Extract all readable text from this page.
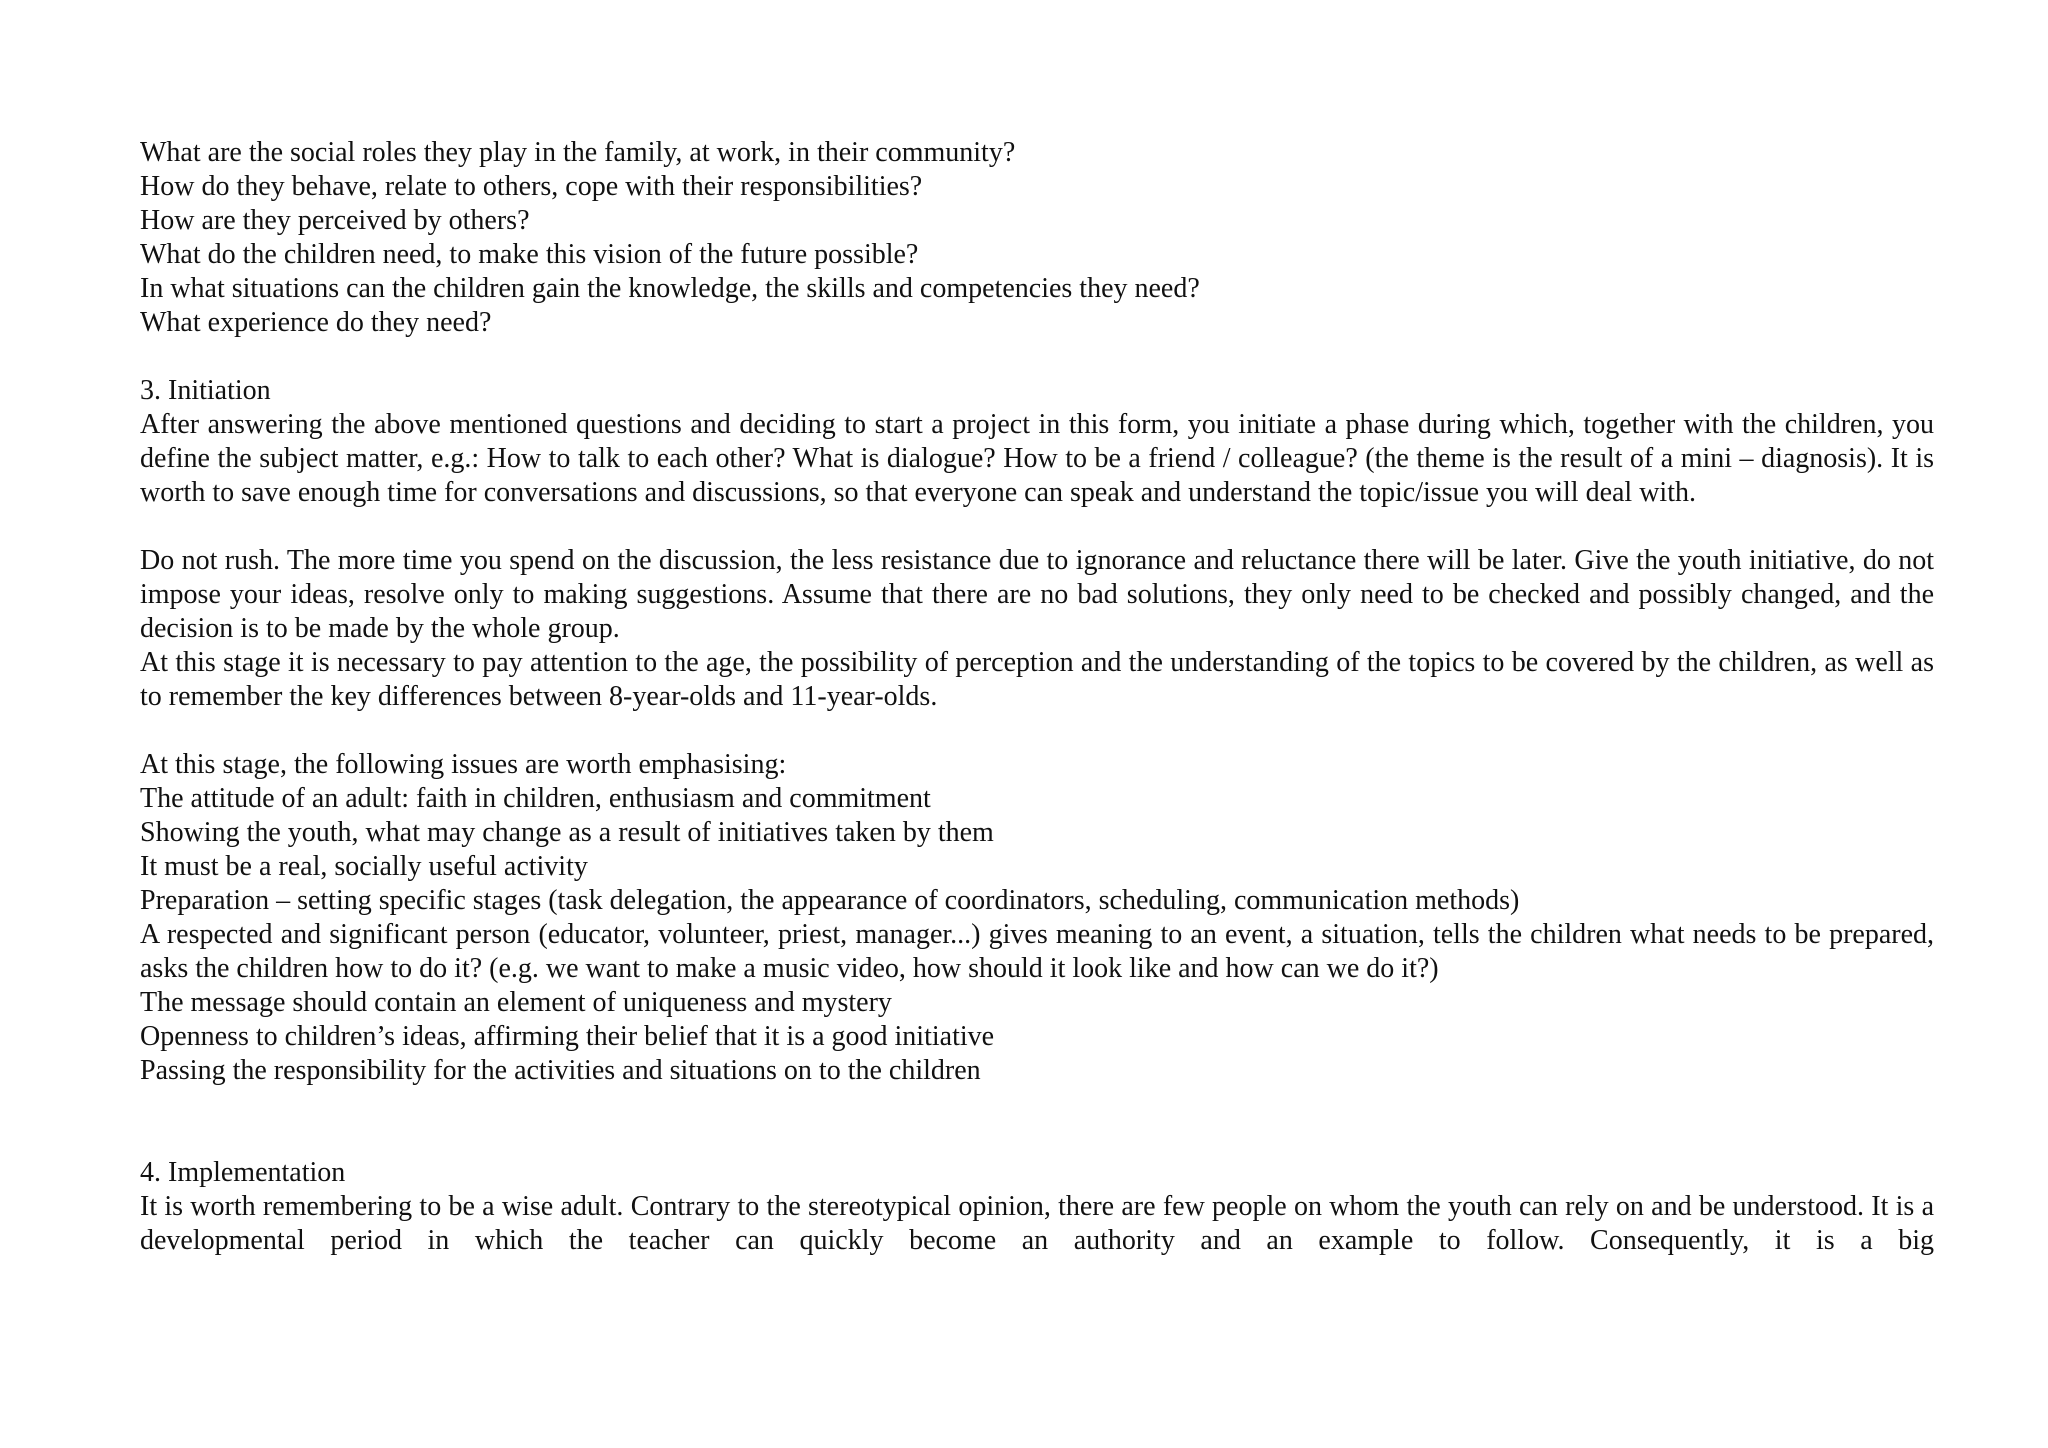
What are the social roles they play in the family, at work, in their community?
How do they behave, relate to others, cope with their responsibilities?
How are they perceived by others?
What do the children need, to make this vision of the future possible?
In what situations can the children gain the knowledge, the skills and competencies they need?
What experience do they need?
3. Initiation

After answering the above mentioned questions and deciding to start a project in this form, you initiate a phase during which, together with the children, you define the subject matter, e.g.: How to talk to each other? What is dialogue? How to be a friend / colleague? (the theme is the result of a mini – diagnosis). It is worth to save enough time for conversations and discussions, so that everyone can speak and understand the topic/issue you will deal with.

Do not rush. The more time you spend on the discussion, the less resistance due to ignorance and reluctance there will be later. Give the youth initiative, do not impose your ideas, resolve only to making suggestions. Assume that there are no bad solutions, they only need to be checked and possibly changed, and the decision is to be made by the whole group.

At this stage it is necessary to pay attention to the age, the possibility of perception and the understanding of the topics to be covered by the children, as well as to remember the key differences between 8-year-olds and 11-year-olds.

At this stage, the following issues are worth emphasising:
The attitude of an adult: faith in children, enthusiasm and commitment
Showing the youth, what may change as a result of initiatives taken by them
It must be a real, socially useful activity
Preparation – setting specific stages (task delegation, the appearance of coordinators, scheduling, communication methods)

A respected and significant person (educator, volunteer, priest, manager...) gives meaning to an event, a situation, tells the children what needs to be prepared, asks the children how to do it? (e.g. we want to make a music video, how should it look like and how can we do it?)

The message should contain an element of uniqueness and mystery
Openness to children’s ideas, affirming their belief that it is a good initiative
Passing the responsibility for the activities and situations on to the children
4. Implementation

It is worth remembering to be a wise adult. Contrary to the stereotypical opinion, there are few people on whom the youth can rely on and be understood. It is a developmental period in which the teacher can quickly become an authority and an example to follow. Consequently, it is a big
